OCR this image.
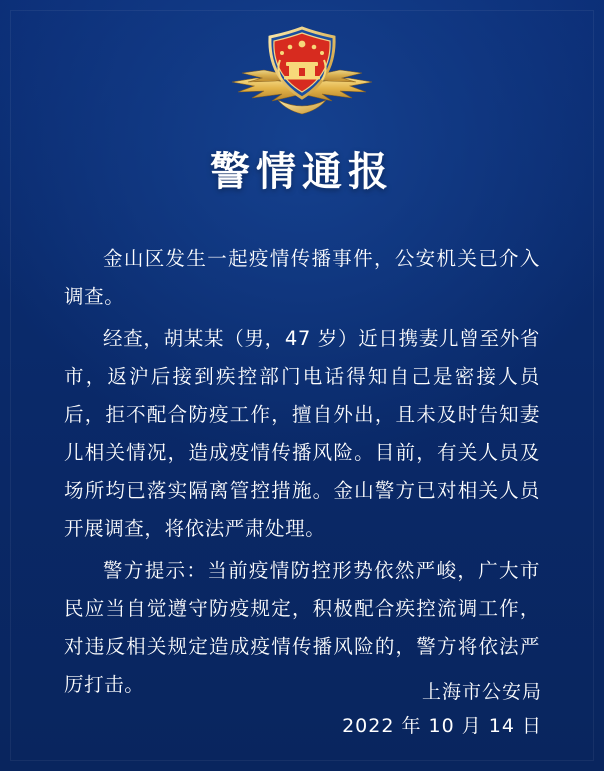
警情通报

金山区发生一起疫情传播事件，公安机关已介入调查。

经查，胡某某（男，47 岁）近日携妻儿曾至外省市，返沪后接到疾控部门电话得知自己是密接人员后，拒不配合防疫工作，擅自外出，且未及时告知妻儿相关情况，造成疫情传播风险。目前，有关人员及场所均已落实隔离管控措施。金山警方已对相关人员开展调查，将依法严肃处理。

警方提示：当前疫情防控形势依然严峻，广大市民应当自觉遵守防疫规定，积极配合疾控流调工作，对违反相关规定造成疫情传播风险的，警方将依法严厉打击。	上海市公安局
2022 年 10 月 14 日
